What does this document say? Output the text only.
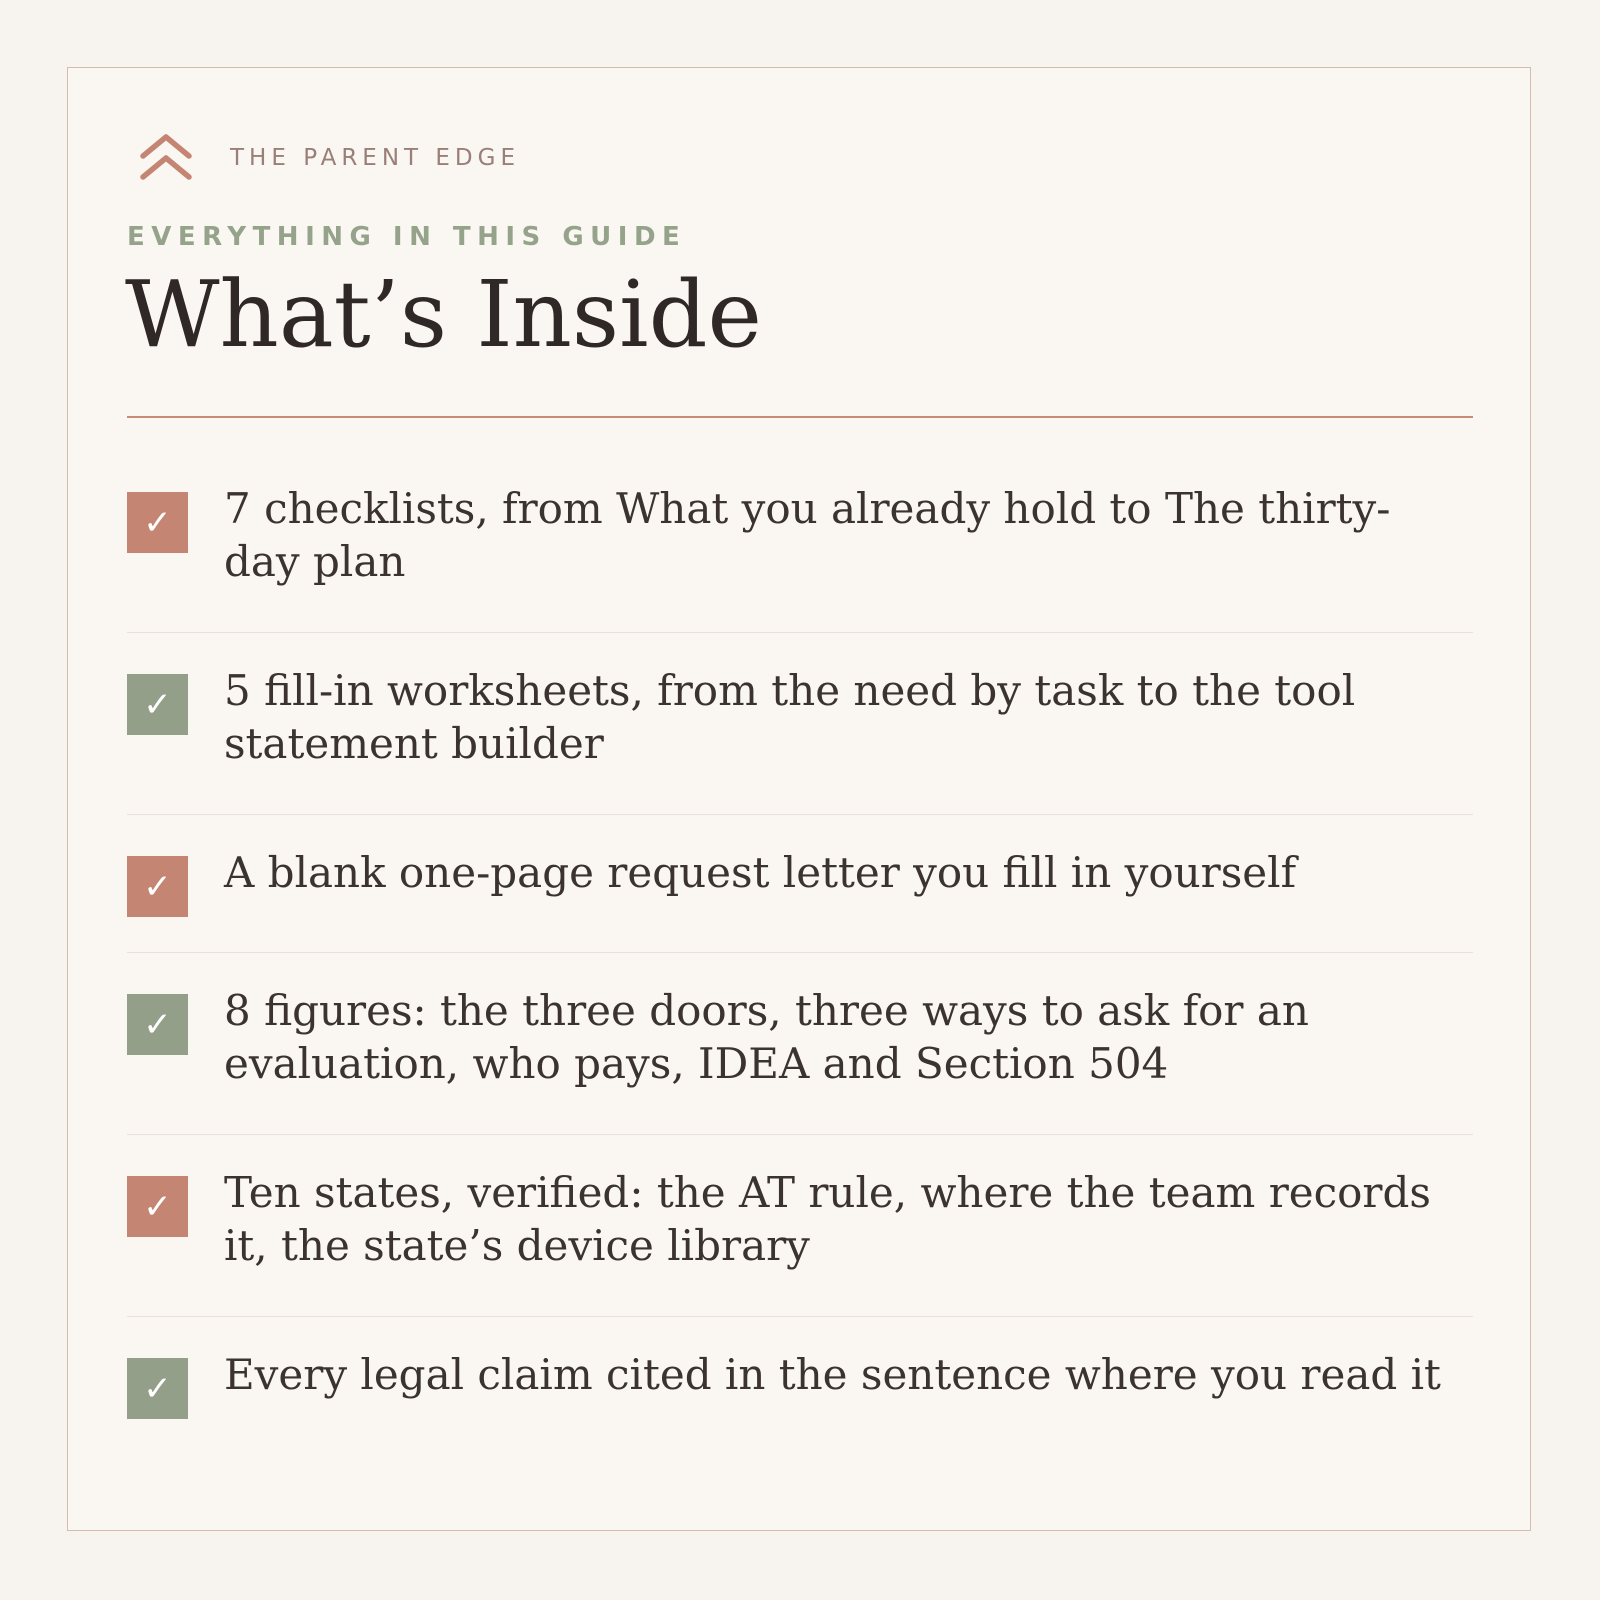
THE PARENT EDGE
EVERYTHING IN THIS GUIDE
What’s Inside
✓	7 checklists, from What you already hold to The thirty-day plan
✓	5 fill-in worksheets, from the need by task to the tool statement builder
✓	A blank one-page request letter you fill in yourself
✓	8 figures: the three doors, three ways to ask for an evaluation, who pays, IDEA and Section 504
✓	Ten states, verified: the AT rule, where the team records it, the state’s device library
✓	Every legal claim cited in the sentence where you read it
